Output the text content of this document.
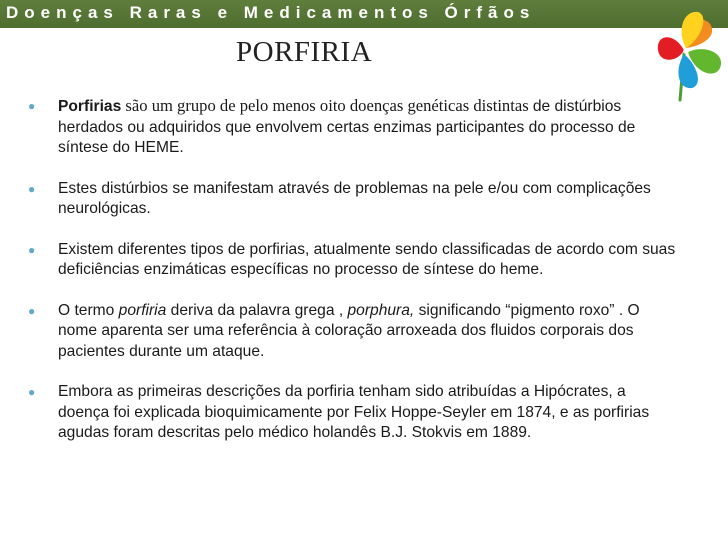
Doenças Raras e Medicamentos Órfãos
PORFIRIA
● Porfirias são um grupo de pelo menos oito doenças genéticas distintas de distúrbios herdados ou adquiridos que envolvem certas enzimas participantes do processo de síntese do HEME.
● Estes distúrbios se manifestam através de problemas na pele e/ou com complicações neurológicas.
● Existem diferentes tipos de porfirias, atualmente sendo classificadas de acordo com suas deficiências enzimáticas específicas no processo de síntese do heme.
● O termo porfiria deriva da palavra grega , porphura, significando “pigmento roxo” . O nome aparenta ser uma referência à coloração arroxeada dos fluidos corporais dos pacientes durante um ataque.
● Embora as primeiras descrições da porfiria tenham sido atribuídas a Hipócrates, a doença foi explicada bioquimicamente por Felix Hoppe-Seyler em 1874, e as porfirias agudas foram descritas pelo médico holandês B.J. Stokvis em 1889.
